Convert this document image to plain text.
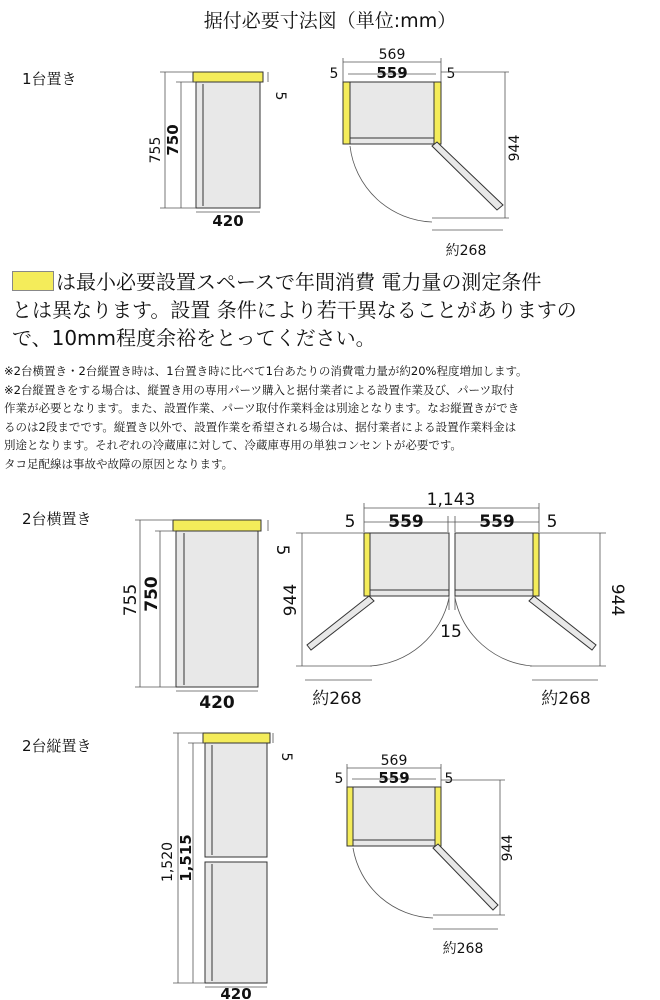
据付必要寸法図（単位:mm）
1台置き
2台横置き
2台縦置き
は最小必要設置スペースで年間消費 電力量の測定条件
とは異なります。設置 条件により若干異なることがありますの
で、10mm程度余裕をとってください。

※2台横置き・2台縦置き時は、1台置き時に比べて1台あたりの消費電力量が約20%程度増加します。

※2台縦置きをする場合は、縦置き用の専用パーツ購入と据付業者による設置作業及び、パーツ取付

作業が必要となります。また、設置作業、パーツ取付作業料金は別途となります。なお縦置きができ

るのは2段までです。縦置き以外で、設置作業を希望される場合は、据付業者による設置作業料金は

別途となります。それぞれの冷蔵庫に対して、冷蔵庫専用の単独コンセントが必要です。

タコ足配線は事故や故障の原因となります。

755 750
5
420
569
559
5	5
944
約268
755 750
5
420
1,143
559	559
5	5
15
944	944
約268	約268
1,520 1,515
5
420
569
559
5	5
944
約268
